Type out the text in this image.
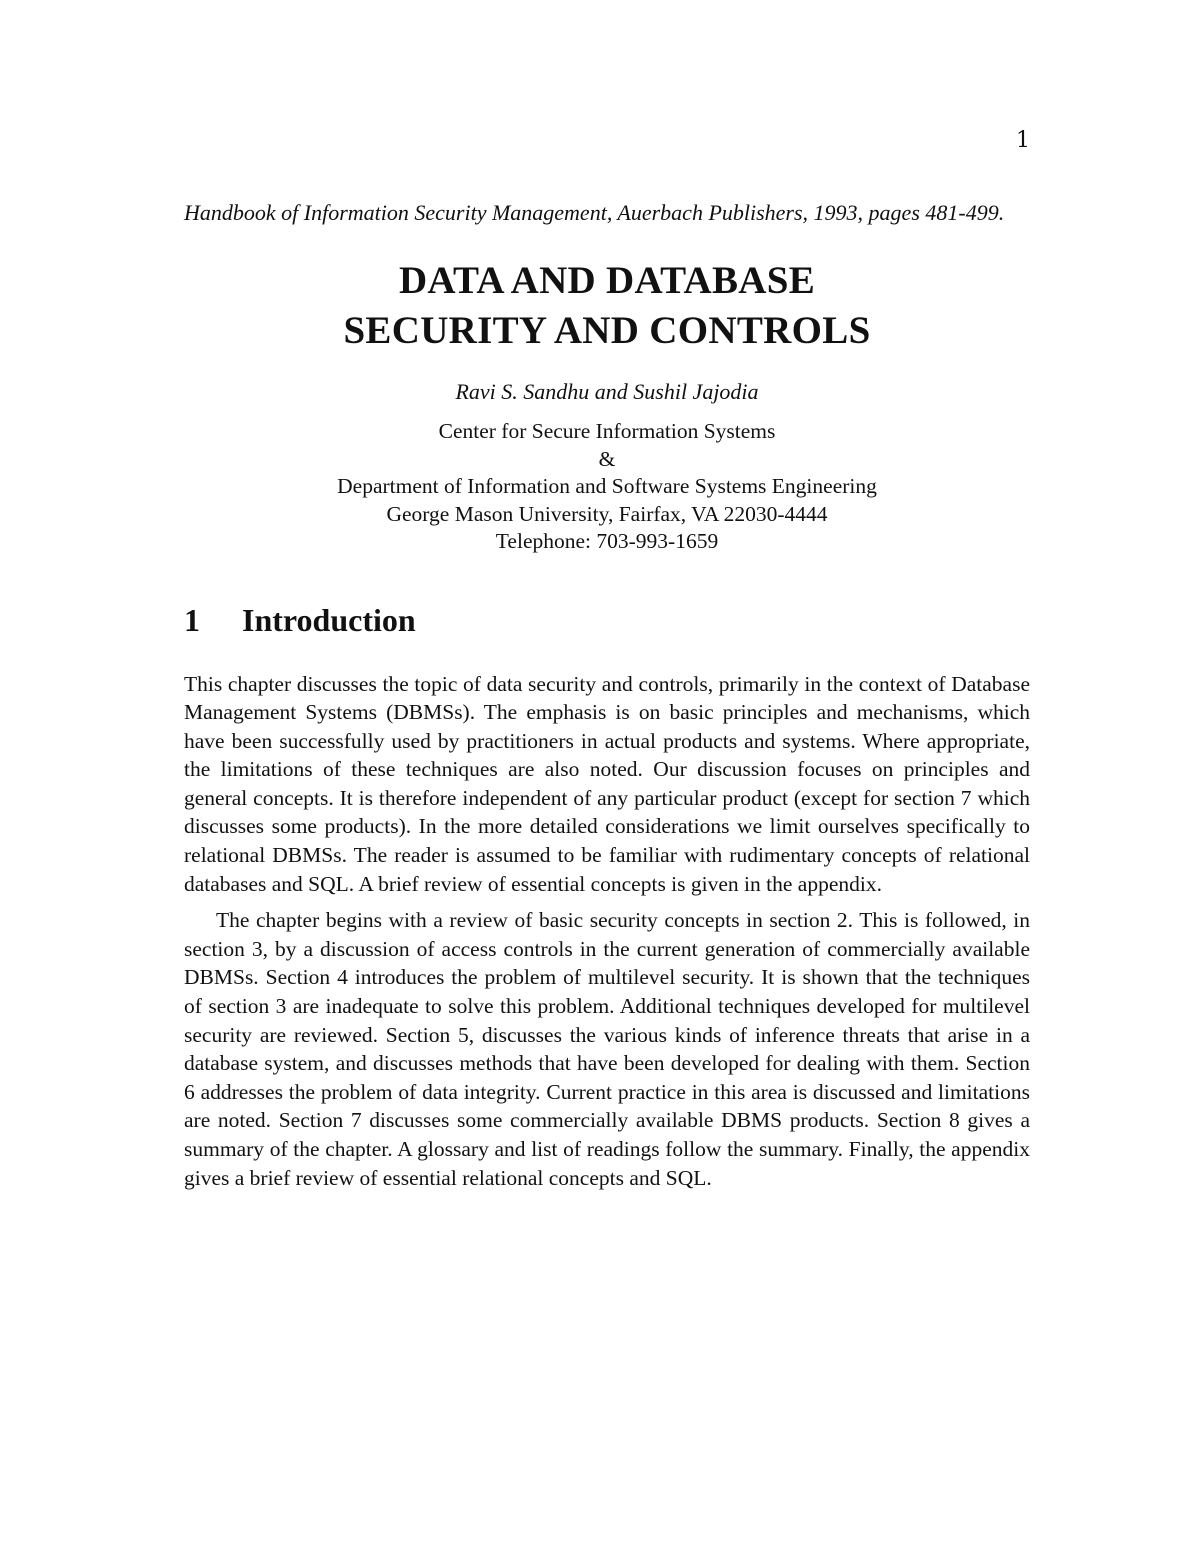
1

Handbook of Information Security Management, Auerbach Publishers, 1993, pages 481-499.

DATA AND DATABASE
SECURITY AND CONTROLS
Ravi S. Sandhu and Sushil Jajodia
Center for Secure Information Systems
&
Department of Information and Software Systems Engineering
George Mason University, Fairfax, VA 22030-4444
Telephone: 703-993-1659
1	Introduction

This chapter discusses the topic of data security and controls, primarily in the context of Database Management Systems (DBMSs). The emphasis is on basic principles and mechanisms, which have been successfully used by practitioners in actual products and systems. Where appropriate, the limitations of these techniques are also noted. Our discussion focuses on principles and general concepts. It is therefore independent of any particular product (except for section 7 which discusses some products). In the more detailed considerations we limit ourselves specifically to relational DBMSs. The reader is assumed to be familiar with rudimentary concepts of relational databases and SQL. A brief review of essential concepts is given in the appendix.

The chapter begins with a review of basic security concepts in section 2. This is followed, in section 3, by a discussion of access controls in the current generation of commercially available DBMSs. Section 4 introduces the problem of multilevel security. It is shown that the techniques of section 3 are inadequate to solve this problem. Additional techniques developed for multilevel security are reviewed. Section 5, discusses the various kinds of inference threats that arise in a database system, and discusses methods that have been developed for dealing with them. Section 6 addresses the problem of data integrity. Current practice in this area is discussed and limitations are noted. Section 7 discusses some commercially available DBMS products. Section 8 gives a summary of the chapter. A glossary and list of readings follow the summary. Finally, the appendix gives a brief review of essential relational concepts and SQL.
